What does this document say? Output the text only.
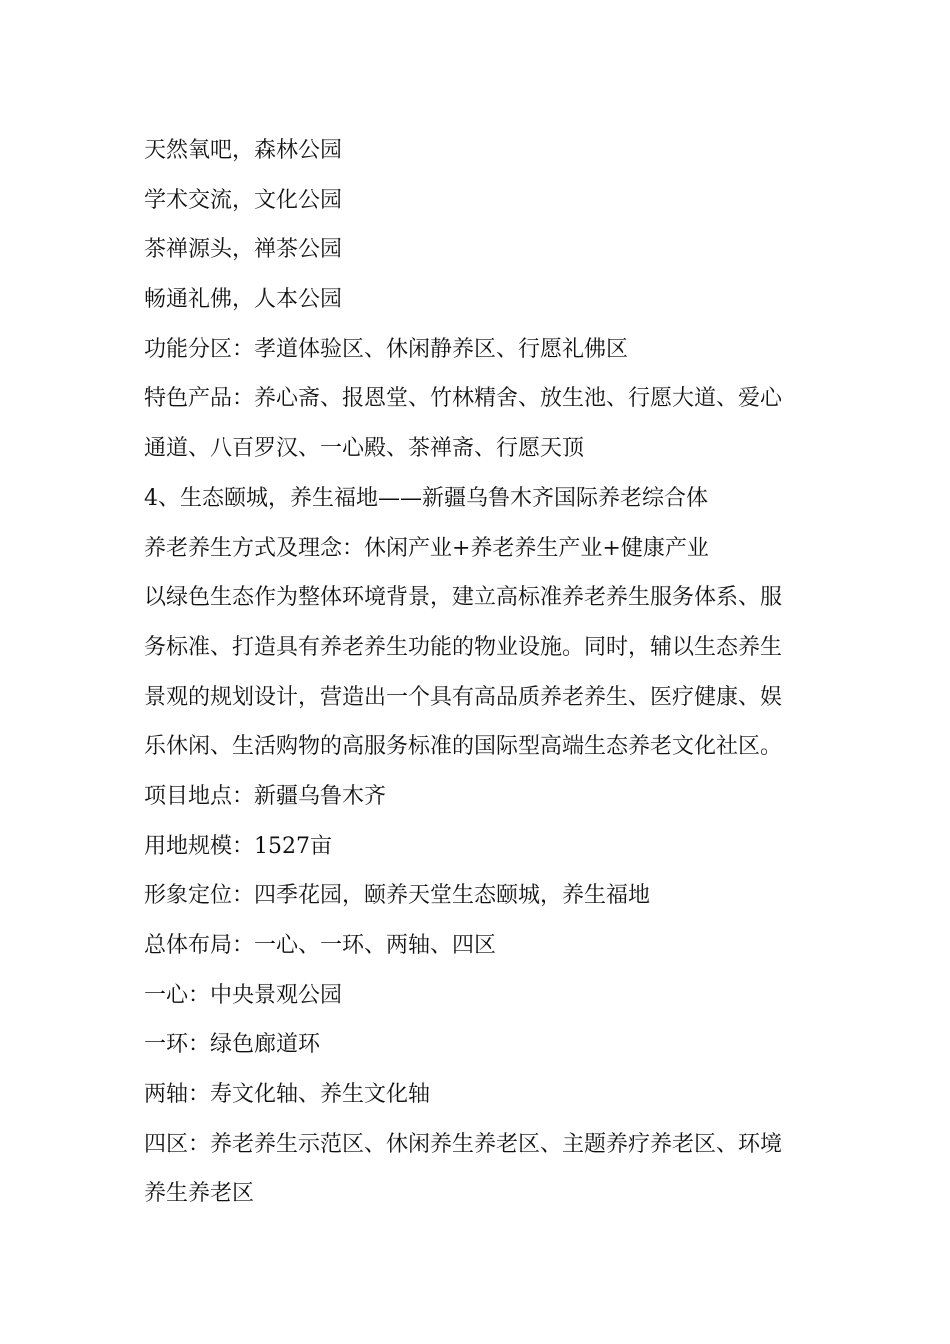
天然氧吧，森林公园

学术交流，文化公园

茶禅源头，禅茶公园

畅通礼佛，人本公园

功能分区：孝道体验区、休闲静养区、行愿礼佛区

特色产品：养心斋、报恩堂、竹林精舍、放生池、行愿大道、爱心

通道、八百罗汉、一心殿、茶禅斋、行愿天顶

4、生态颐城，养生福地——新疆乌鲁木齐国际养老综合体

养老养生方式及理念：休闲产业+养老养生产业+健康产业

以绿色生态作为整体环境背景，建立高标准养老养生服务体系、服

务标准、打造具有养老养生功能的物业设施。同时，辅以生态养生

景观的规划设计，营造出一个具有高品质养老养生、医疗健康、娱

乐休闲、生活购物的高服务标准的国际型高端生态养老文化社区。

项目地点：新疆乌鲁木齐

用地规模：1527亩

形象定位：四季花园，颐养天堂生态颐城，养生福地

总体布局：一心、一环、两轴、四区

一心：中央景观公园

一环：绿色廊道环

两轴：寿文化轴、养生文化轴

四区：养老养生示范区、休闲养生养老区、主题养疗养老区、环境

养生养老区
